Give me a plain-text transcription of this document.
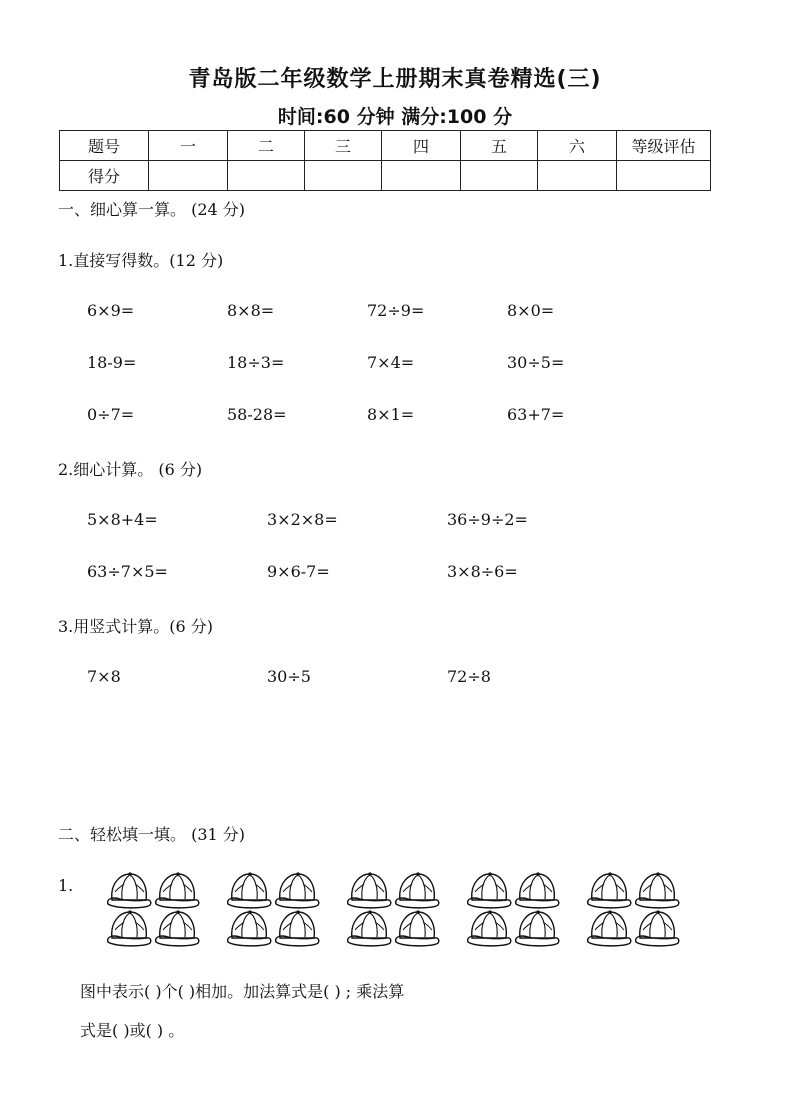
青岛版二年级数学上册期末真卷精选(三)
时间:60 分钟 满分:100 分
题号	一	二	三	四	五	六	等级评估
得分							
一、细心算一算。 (24 分)
1.直接写得数。(12 分)
6×9=	8×8=	72÷9=	8×0=
18-9=	18÷3=	7×4=	30÷5=
0÷7=	58-28=	8×1=	63+7=
2.细心计算。 (6 分)
5×8+4=	3×2×8=	36÷9÷2=
63÷7×5=	9×6-7=	3×8÷6=
3.用竖式计算。(6 分)
7×8	30÷5	72÷8
二、轻松填一填。 (31 分)
1.
图中表示( )个( )相加。加法算式是( ) ; 乘法算
式是( )或( ) 。
